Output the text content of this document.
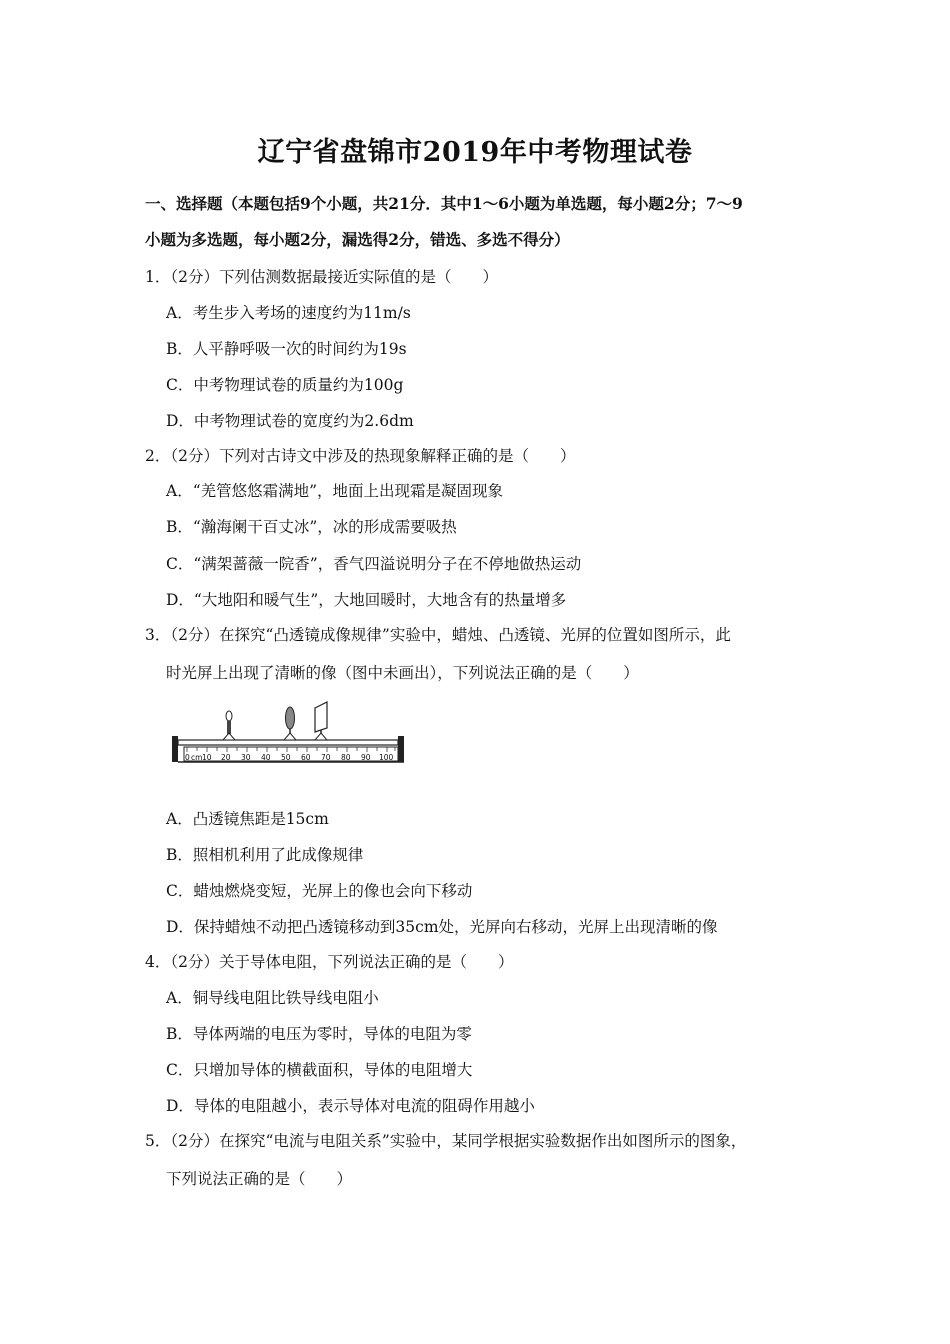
辽宁省盘锦市2019年中考物理试卷
一、选择题（本题包括9个小题，共21分．其中1～6小题为单选题，每小题2分；7～9
小题为多选题，每小题2分，漏选得2分，错选、多选不得分）
1．（2分）下列估测数据最接近实际值的是（　　）
A．考生步入考场的速度约为11m/s
B．人平静呼吸一次的时间约为19s
C．中考物理试卷的质量约为100g
D．中考物理试卷的宽度约为2.6dm
2．（2分）下列对古诗文中涉及的热现象解释正确的是（　　）
A．“羌管悠悠霜满地”，地面上出现霜是凝固现象
B．“瀚海阑干百丈冰”，冰的形成需要吸热
C．“满架蔷薇一院香”，香气四溢说明分子在不停地做热运动
D．“大地阳和暖气生”，大地回暖时，大地含有的热量增多
3．（2分）在探究“凸透镜成像规律”实验中，蜡烛、凸透镜、光屏的位置如图所示，此
时光屏上出现了清晰的像（图中未画出），下列说法正确的是（　　）
0 cm 10 20 30 40 50 60 70 80 90 100
A．凸透镜焦距是15cm
B．照相机利用了此成像规律
C．蜡烛燃烧变短，光屏上的像也会向下移动
D．保持蜡烛不动把凸透镜移动到35cm处，光屏向右移动，光屏上出现清晰的像
4．（2分）关于导体电阻，下列说法正确的是（　　）
A．铜导线电阻比铁导线电阻小
B．导体两端的电压为零时，导体的电阻为零
C．只增加导体的横截面积，导体的电阻增大
D．导体的电阻越小，表示导体对电流的阻碍作用越小
5．（2分）在探究“电流与电阻关系”实验中，某同学根据实验数据作出如图所示的图象，
下列说法正确的是（　　）
